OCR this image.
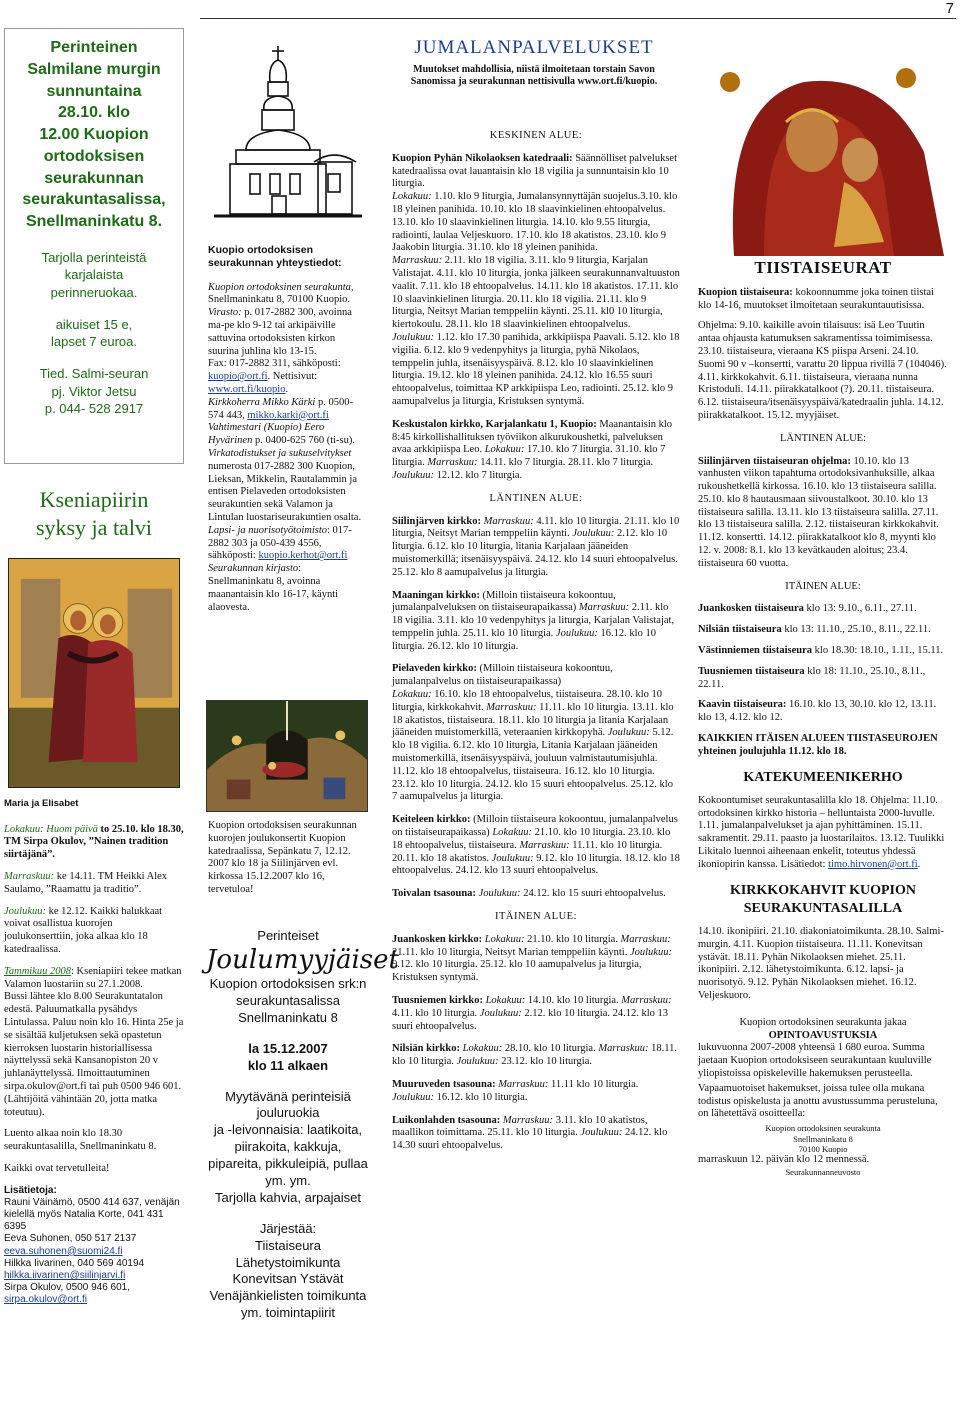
7
Perinteinen
Salmilane murgin
sunnuntaina
28.10. klo
12.00 Kuopion
ortodoksisen
seurakunnan
seurakuntasalissa,
Snellmaninkatu 8.
Tarjolla perinteistä
karjalaista
perinneruokaa.
aikuiset 15 e,
lapset 7 euroa.
Tied. Salmi-seuran
pj. Viktor Jetsu
p. 044- 528 2917
Kseniapiirin
syksy ja talvi

Maria ja Elisabet

Lokakuu: Huom päivä to 25.10. klo 18.30, TM Sirpa Okulov, ”Nainen tradition siirtäjänä”.

Marraskuu: ke 14.11. TM Heikki Alex Saulamo, ”Raamattu ja traditio”.

Joulukuu: ke 12.12. Kaikki halukkaat voivat osallistua kuorojen joulukonserttiin, joka alkaa klo 18 katedraalissa.

Tammikuu 2008: Kseniapiiri tekee matkan Valamon luostariin su 27.1.2008.
Bussi lähtee klo 8.00 Seurakuntatalon edestä. Paluumatkalla pysähdys Lintulassa. Paluu noin klo 16. Hinta 25e ja se sisältää kuljetuksen sekä opastetun kierroksen luostarin historiallisessa näyttelyssä sekä Kansanopiston 20 v juhlanäyttelyssä. Ilmoittautuminen sirpa.okulov@ort.fi tai puh 0500 946 601.
(Lähtijöitä vähintään 20, jotta matka toteutuu).

Luento alkaa noin klo 18.30 seurakuntasalilla, Snellmaninkatu 8.

Kaikki ovat tervetulleita!

Lisätietoja:
Rauni Väinämö, 0500 414 637, venäjän kielellä myös Natalia Korte, 041 431 6395
Eeva Suhonen, 050 517 2137 eeva.suhonen@suomi24.fi
Hilkka Iivarinen, 040 569 40194 hilkka.iivarinen@siilinjarvi.fi
Sirpa Okulov, 0500 946 601, sirpa.okulov@ort.fi
Kuopio ortodoksisen seurakunnan yhteystiedot:
Kuopion ortodoksinen seurakunta, Snellmaninkatu 8, 70100 Kuopio.
Virasto: p. 017-2882 300, avoinna ma-pe klo 9-12 tai arkipäiville sattuvina ortodoksisten kirkon suurina juhlina klo 13-15.
Fax: 017-2882 311, sähköposti: kuopio@ort.fi. Nettisivut: www.ort.fi/kuopio.
Kirkkoherra Mikko Kärki p. 0500-574 443, mikko.karki@ort.fi
Vahtimestari (Kuopio) Eero Hyvärinen p. 0400-625 760 (ti-su).
Virkatodistukset ja sukuselvitykset numerosta 017-2882 300 Kuopion, Lieksan, Mikkelin, Rautalammin ja entisen Pielaveden ortodoksisten seurakuntien sekä Valamon ja Lintulan luostariseurakuntien osalta.
Lapsi- ja nuorisotyötoimisto: 017-2882 303 ja 050-439 4556, sähköposti: kuopio.kerhot@ort.fi
Seurakunnan kirjasto: Snellmaninkatu 8, avoinna maanantaisin klo 16-17, käynti alaovesta.
Kuopion ortodoksisen seurakunnan kuorojen joulukonsertit Kuopion katedraalissa, Sepänkatu 7, 12.12. 2007 klo 18 ja Siilinjärven evl. kirkossa 15.12.2007 klo 16, tervetuloa!
Perinteiset
Joulumyyjäiset
Kuopion ortodoksisen srk:n seurakuntasalissa Snellmaninkatu 8
la 15.12.2007
klo 11 alkaen
Myytävänä perinteisiä jouluruokia
ja -leivonnaisia: laatikoita, piirakoita, kakkuja, pipareita, pikkuleipiä, pullaa ym. ym.
Tarjolla kahvia, arpajaiset
Järjestää:
Tiistaiseura Lähetystoimikunta Konevitsan Ystävät Venäjänkielisten toimikunta ym. toimintapiirit
JUMALANPALVELUKSET
Muutokset mahdollisia, niistä ilmoitetaan torstain Savon Sanomissa ja seurakunnan nettisivulla www.ort.fi/kuopio.
KESKINEN ALUE:

Kuopion Pyhän Nikolaoksen katedraali: Säännölliset palvelukset katedraalissa ovat lauantaisin klo 18 vigilia ja sunnuntaisin klo 10 liturgia.
Lokakuu: 1.10. klo 9 liturgia, Jumalansynnyttäjän suojelus.3.10. klo 18 yleinen panihida. 10.10. klo 18 slaavinkielinen ehtoopalvelus. 13.10. klo 10 slaavinkielinen liturgia. 14.10. klo 9.55 liturgia, radiointi, laulaa Veljeskuoro. 17.10. klo 18 akatistos. 23.10. klo 9 Jaakobin liturgia. 31.10. klo 18 yleinen panihida.
Marraskuu: 2.11. klo 18 vigilia. 3.11. klo 9 liturgia, Karjalan Valistajat. 4.11. klo 10 liturgia, jonka jälkeen seurakunnanvaltuuston vaalit. 7.11. klo 18 ehtoopalvelus. 14.11. klo 18 akatistos. 17.11. klo 10 slaavinkielinen liturgia. 20.11. klo 18 vigilia. 21.11. klo 9 liturgia, Neitsyt Marian temppeliin käynti. 25.11. kl0 10 liturgia, kiertokoulu. 28.11. klo 18 slaavinkielinen ehtoopalvelus.
Joulukuu: 1.12. klo 17.30 panihida, arkkipiispa Paavali. 5.12. klo 18 vigilia. 6.12. klo 9 vedenpyhitys ja liturgia, pyhä Nikolaos, temppelin juhla, itsenäisyyspäivä. 8.12. klo 10 slaavinkielinen liturgia. 19.12. klo 18 yleinen panihida. 24.12. klo 16.55 suuri ehtoopalvelus, toimittaa KP arkkipiispa Leo, radiointi. 25.12. klo 9 aamupalvelus ja liturgia, Kristuksen syntymä.

Keskustalon kirkko, Karjalankatu 1, Kuopio: Maanantaisin klo 8:45 kirkollishallituksen työviikon alkurukoushetki, palveluksen avaa arkkipiispa Leo. Lokakuu: 17.10. klo 7 liturgia. 31.10. klo 7 liturgia. Marraskuu: 14.11. klo 7 liturgia. 28.11. klo 7 liturgia. Joulukuu: 12.12. klo 7 liturgia.

LÄNTINEN ALUE:

Siilinjärven kirkko: Marraskuu: 4.11. klo 10 liturgia. 21.11. klo 10 liturgia, Neitsyt Marian temppeliin käynti. Joulukuu: 2.12. klo 10 liturgia. 6.12. klo 10 liturgia, litania Karjalaan jääneiden muistomerkillä; itsenäisyyspäivä. 24.12. klo 14 suuri ehtoopalvelus. 25.12. klo 8 aamupalvelus ja liturgia.

Maaningan kirkko: (Milloin tiistaiseura kokoontuu, jumalanpalveluksen on tiistaiseurapaikassa) Marraskuu: 2.11. klo 18 vigilia. 3.11. klo 10 vedenpyhitys ja liturgia, Karjalan Valistajat, temppelin juhla. 25.11. klo 10 liturgia. Joulukuu: 16.12. klo 10 liturgia. 26.12. klo 10 liturgia.

Pielaveden kirkko: (Milloin tiistaiseura kokoontuu, jumalanpalvelus on tiistaiseurapaikassa)
Lokakuu: 16.10. klo 18 ehtoopalvelus, tiistaiseura. 28.10. klo 10 liturgia, kirkkokahvit. Marraskuu: 11.11. klo 10 liturgia. 13.11. klo 18 akatistos, tiistaiseura. 18.11. klo 10 liturgia ja litania Karjalaan jääneiden muistomerkillä, veteraanien kirkkopyhä. Joulukuu: 5.12. klo 18 vigilia. 6.12. klo 10 liturgia, Litania Karjalaan jääneiden muistomerkillä, itsenäisyyspäivä, jouluun valmistautumisjuhla. 11.12. klo 18 ehtoopalvelus, tiistaiseura. 16.12. klo 10 liturgia. 23.12. klo 10 liturgia. 24.12. klo 15 suuri ehtoopalvelus. 25.12. klo 7 aamupalvelus ja liturgia.

Keiteleen kirkko: (Milloin tiistaiseura kokoontuu, jumalanpalvelus on tiistaiseurapaikassa) Lokakuu: 21.10. klo 10 liturgia. 23.10. klo 18 ehtoopalvelus, tiistaiseura. Marraskuu: 11.11. klo 10 liturgia. 20.11. klo 18 akatistos. Joulukuu: 9.12. klo 10 liturgia. 18.12. klo 18 ehtoopalvelus. 24.12. klo 13 suuri ehtoopalvelus.

Toivalan tsasouna: Joulukuu: 24.12. klo 15 suuri ehtoopalvelus.

ITÄINEN ALUE:

Juankosken kirkko: Lokakuu: 21.10. klo 10 liturgia. Marraskuu: 21.11. klo 10 liturgia, Neitsyt Marian temppeliin käynti. Joulukuu: 9.12. klo 10 liturgia. 25.12. klo 10 aamupalvelus ja liturgia, Kristuksen syntymä.

Tuusniemen kirkko: Lokakuu: 14.10. klo 10 liturgia. Marraskuu: 4.11. klo 10 liturgia. Joulukuu: 2.12. klo 10 liturgia. 24.12. klo 13 suuri ehtoopalvelus.

Nilsiän kirkko: Lokakuu: 28.10. klo 10 liturgia. Marraskuu: 18.11. klo 10 liturgia. Joulukuu: 23.12. klo 10 liturgia.

Muuruveden tsasouna: Marraskuu: 11.11 klo 10 liturgia. Joulukuu: 16.12. klo 10 liturgia.

Luikonlahden tsasouna: Marraskuu: 3.11. klo 10 akatistos, maallikon toimittama. 25.11. klo 10 liturgia. Joulukuu: 24.12. klo 14.30 suuri ehtoopalvelus.

TIISTAISEURAT

Kuopion tiistaiseura: kokoonnumme joka toinen tiistai klo 14-16, muutokset ilmoitetaan seurakuntauutisissa.

Ohjelma: 9.10. kaikille avoin tilaisuus: isä Leo Tuutin antaa ohjausta katumuksen sakramentissa toimimisessa. 23.10. tiistaiseura, vieraana KS piispa Arseni. 24.10. Suomi 90 v –konsertti, varattu 20 lippua rivillä 7 (104046). 4.11. kirkkokahvit. 6.11. tiistaiseura, vieraana nunna Kristoduli. 14.11. piirakkatalkoot (?). 20.11. tiistaiseura. 6.12. tiistaiseura/itsenäisyyspäivä/katedraalin juhla. 14.12. piirakkatalkoot. 15.12. myyjäiset.

LÄNTINEN ALUE:

Siilinjärven tiistaiseuran ohjelma: 10.10. klo 13 vanhusten viikon tapahtuma ortodoksivanhuksille, alkaa rukoushetkellä kirkossa. 16.10. klo 13 tiistaiseura salilla. 25.10. klo 8 hautausmaan siivoustalkoot. 30.10. klo 13 tiistaiseura salilla. 13.11. klo 13 tiistaiseura salilla. 27.11. klo 13 tiistaiseura salilla. 2.12. tiistaiseuran kirkkokahvit. 11.12. konsertti. 14.12. piirakkatalkoot klo 8, myynti klo 12. v. 2008: 8.1. klo 13 kevätkauden aloitus; 23.4. tiistaiseura 60 vuotta.

ITÄINEN ALUE:

Juankosken tiistaiseura klo 13: 9.10., 6.11., 27.11.

Nilsiän tiistaiseura klo 13: 11.10., 25.10., 8.11., 22.11.

Västinniemen tiistaiseura klo 18.30: 18.10., 1.11., 15.11.

Tuusniemen tiistaiseura klo 18: 11.10., 25.10., 8.11., 22.11.

Kaavin tiistaiseura: 16.10. klo 13, 30.10. klo 12, 13.11. klo 13, 4.12. klo 12.

KAIKKIEN ITÄISEN ALUEEN TIISTASEUROJEN yhteinen joulujuhla 11.12. klo 18.

KATEKUMEENIKERHO

Kokoontumiset seurakuntasalilla klo 18. Ohjelma: 11.10. ortodoksinen kirkko historia – helluntaista 2000-luvulle. 1.11. jumalanpalvelukset ja ajan pyhittäminen. 15.11. sakramentit. 29.11. paasto ja luostarilaitos. 13.12. Tuulikki Likitalo luennoi aiheenaan enkelit, toteutus yhdessä ikoniopirin kanssa. Lisätiedot: timo.hirvonen@ort.fi.

KIRKKOKAHVIT KUOPION SEURAKUNTASALILLA

14.10. ikonipiiri. 21.10. diakoniatoimikunta. 28.10. Salmi-murgin. 4.11. Kuopion tiistaiseura. 11.11. Konevitsan ystävät. 18.11. Pyhän Nikolaoksen miehet. 25.11. ikonipiiri. 2.12. lähetystoimikunta. 6.12. lapsi- ja nuorisotyö. 9.12. Pyhän Nikolaoksen miehet. 16.12. Veljeskuoro.

Kuopion ortodoksinen seurakunta jakaa
OPINTOAVUSTUKSIA

lukuvuonna 2007-2008 yhteensä 1 680 euroa. Summa jaetaan Kuopion ortodoksiseen seurakuntaan kuuluville yliopistoissa opiskeleville hakemuksen perusteella.

Vapaamuotoiset hakemukset, joissa tulee olla mukana todistus opiskelusta ja anottu avustussumma perusteluna, on lähetettävä osoitteella:

Kuopion ortodoksinen seurakunta
Snellmaninkatu 8
70100 Kuopio
marraskuun 12. päivän klo 12 mennessä.
Seurakunnanneuvosto
